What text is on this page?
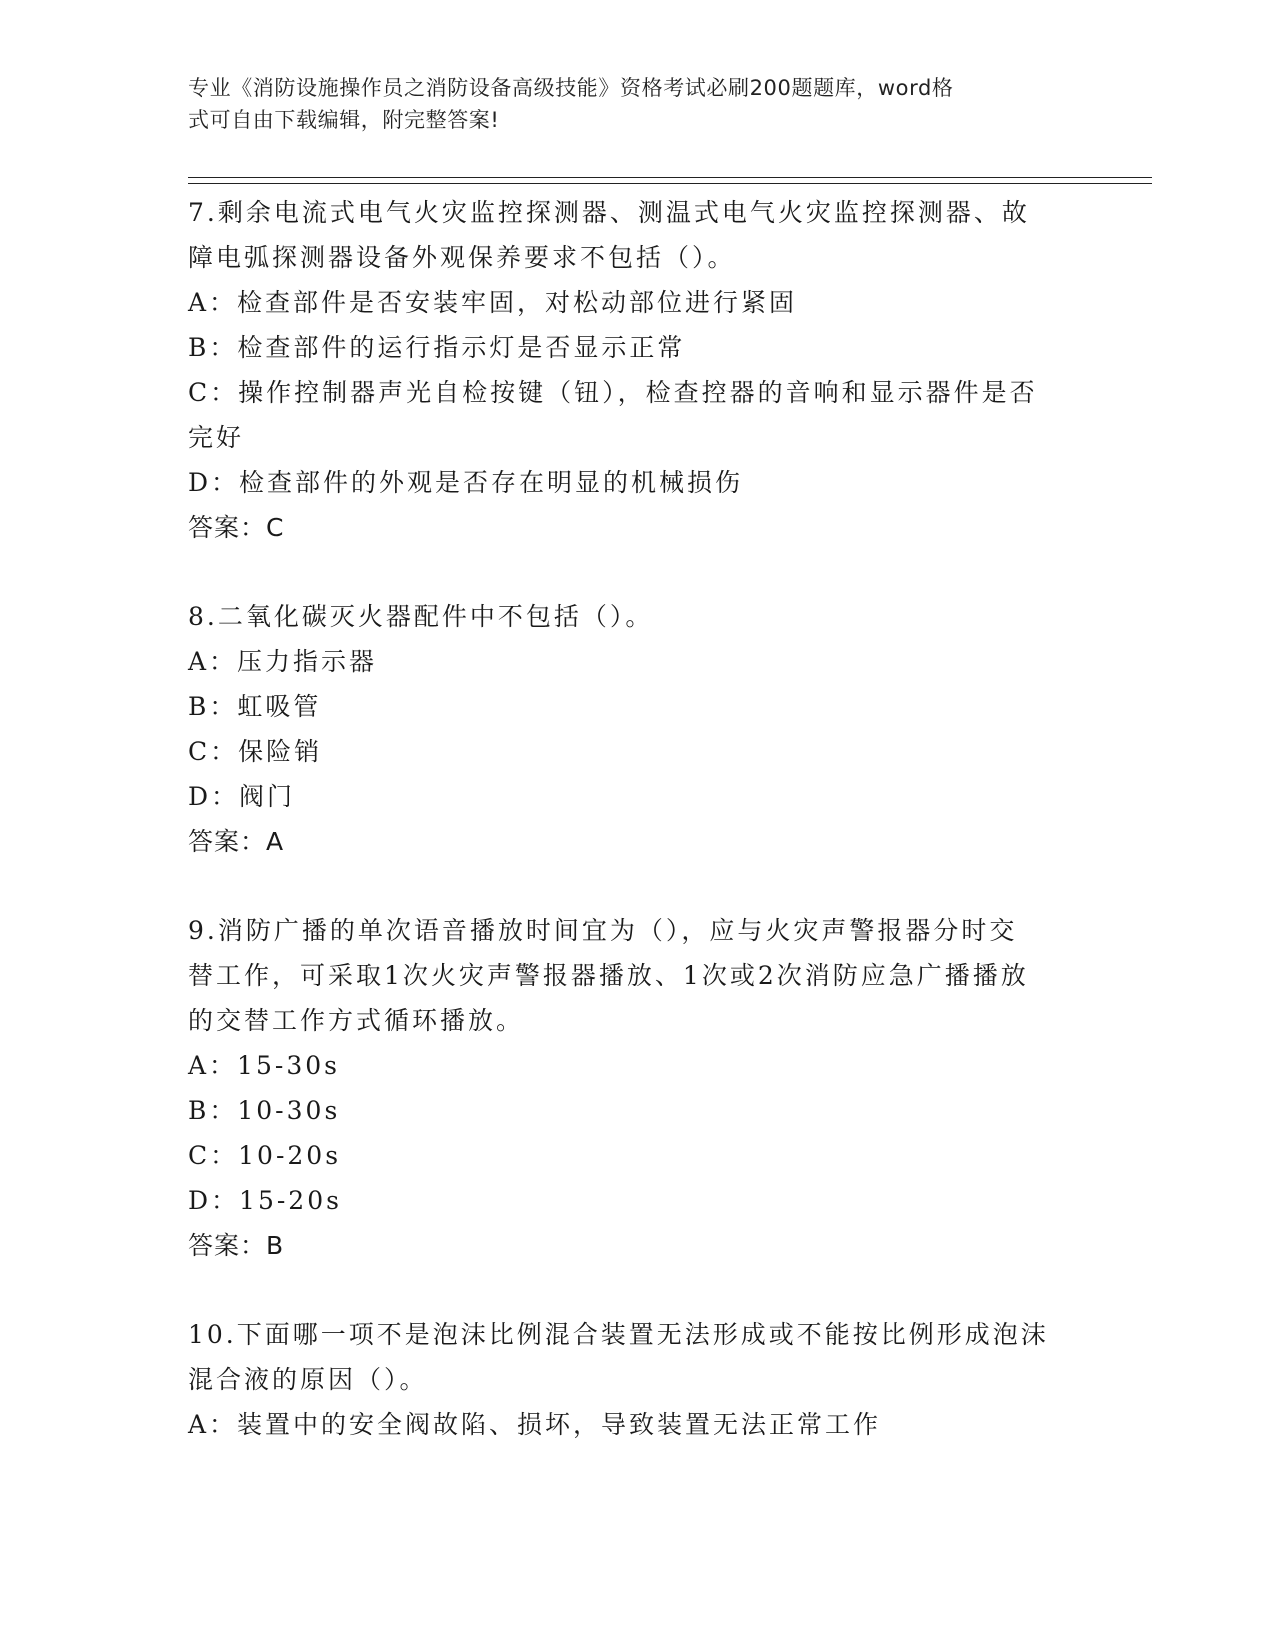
专业《消防设施操作员之消防设备高级技能》资格考试必刷200题题库，word格
式可自由下载编辑，附完整答案!
7.剩余电流式电气火灾监控探测器、测温式电气火灾监控探测器、故
障电弧探测器设备外观保养要求不包括（）。
A：检查部件是否安装牢固，对松动部位进行紧固
B：检查部件的运行指示灯是否显示正常
C：操作控制器声光自检按键（钮），检查控器的音响和显示器件是否
完好
D：检查部件的外观是否存在明显的机械损伤
答案：C
8.二氧化碳灭火器配件中不包括（）。
A：压力指示器
B：虹吸管
C：保险销
D：阀门
答案：A
9.消防广播的单次语音播放时间宜为（），应与火灾声警报器分时交
替工作，可采取1次火灾声警报器播放、1次或2次消防应急广播播放
的交替工作方式循环播放。
A：15-30s
B：10-30s
C：10-20s
D：15-20s
答案：B
10.下面哪一项不是泡沫比例混合装置无法形成或不能按比例形成泡沫
混合液的原因（）。
A：装置中的安全阀故陷、损坏，导致装置无法正常工作
